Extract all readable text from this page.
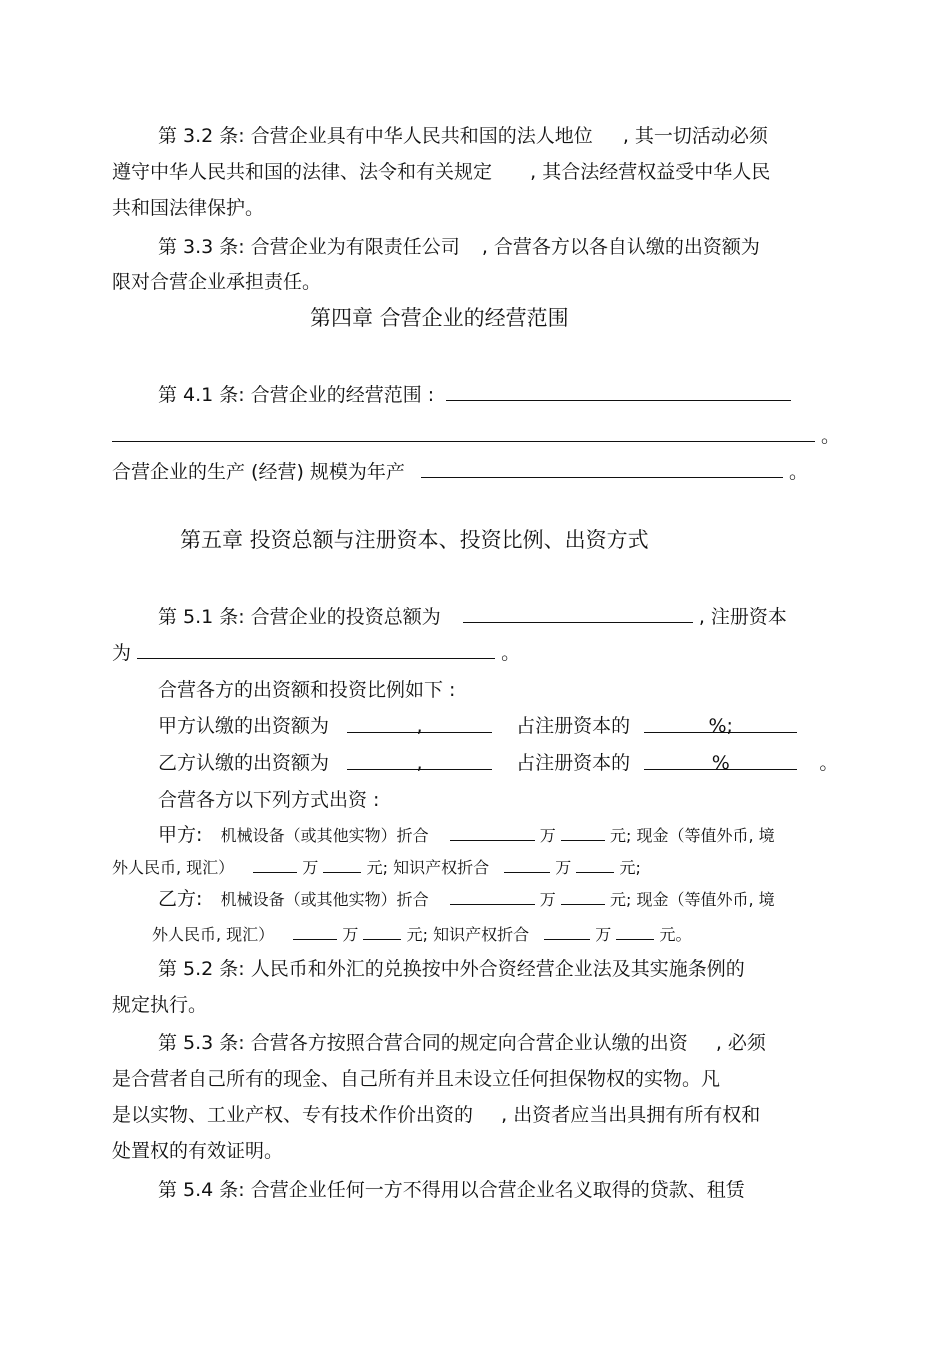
第 3.2 条: 合营企业具有中华人民共和国的法人地位 , 其一切活动必须
遵守中华人民共和国的法律、法令和有关规定 , 其合法经营权益受中华人民
共和国法律保护。
第 3.3 条: 合营企业为有限责任公司 , 合营各方以各自认缴的出资额为
限对合营企业承担责任。
第四章 合营企业的经营范围
第 4.1 条: 合营企业的经营范围 :
。
合营企业的生产 (经营) 规模为年产	。
第五章 投资总额与注册资本、投资比例、出资方式
第 5.1 条: 合营企业的投资总额为	, 注册资本
为	。
合营各方的出资额和投资比例如下 :
甲方认缴的出资额为	,	占注册资本的	%;
乙方认缴的出资额为	,	占注册资本的	%	。
合营各方以下列方式出资 :
甲方: 机械设备（或其他实物）折合	万	元; 现金（等值外币, 境
外人民币, 现汇）	万	元; 知识产权折合	万	元;
乙方: 机械设备（或其他实物）折合	万	元; 现金（等值外币, 境
外人民币, 现汇）	万	元; 知识产权折合	万	元。
第 5.2 条: 人民币和外汇的兑换按中外合资经营企业法及其实施条例的
规定执行。
第 5.3 条: 合营各方按照合营合同的规定向合营企业认缴的出资 , 必须
是合营者自己所有的现金、自己所有并且未设立任何担保物权的实物。凡
是以实物、工业产权、专有技术作价出资的 , 出资者应当出具拥有所有权和
处置权的有效证明。
第 5.4 条: 合营企业任何一方不得用以合营企业名义取得的贷款、租赁
